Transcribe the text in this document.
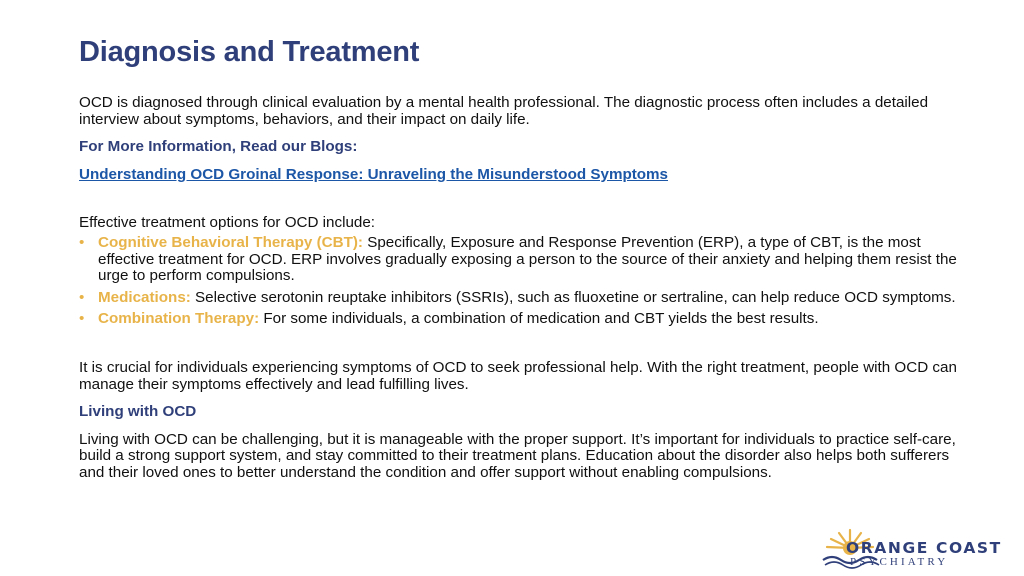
Diagnosis and Treatment

OCD is diagnosed through clinical evaluation by a mental health professional. The diagnostic process often includes a detailed interview about symptoms, behaviors, and their impact on daily life.

For More Information, Read our Blogs:

Understanding OCD Groinal Response: Unraveling the Misunderstood Symptoms

Effective treatment options for OCD include:

• Cognitive Behavioral Therapy (CBT): Specifically, Exposure and Response Prevention (ERP), a type of CBT, is the most effective treatment for OCD. ERP involves gradually exposing a person to the source of their anxiety and helping them resist the urge to perform compulsions.
• Medications: Selective serotonin reuptake inhibitors (SSRIs), such as fluoxetine or sertraline, can help reduce OCD symptoms.
• Combination Therapy: For some individuals, a combination of medication and CBT yields the best results.

It is crucial for individuals experiencing symptoms of OCD to seek professional help. With the right treatment, people with OCD can manage their symptoms effectively and lead fulfilling lives.

Living with OCD

Living with OCD can be challenging, but it is manageable with the proper support. It’s important for individuals to practice self-care, build a strong support system, and stay committed to their treatment plans. Education about the disorder also helps both sufferers and their loved ones to better understand the condition and offer support without enabling compulsions.

ORANGE COAST
PSYCHIATRY
